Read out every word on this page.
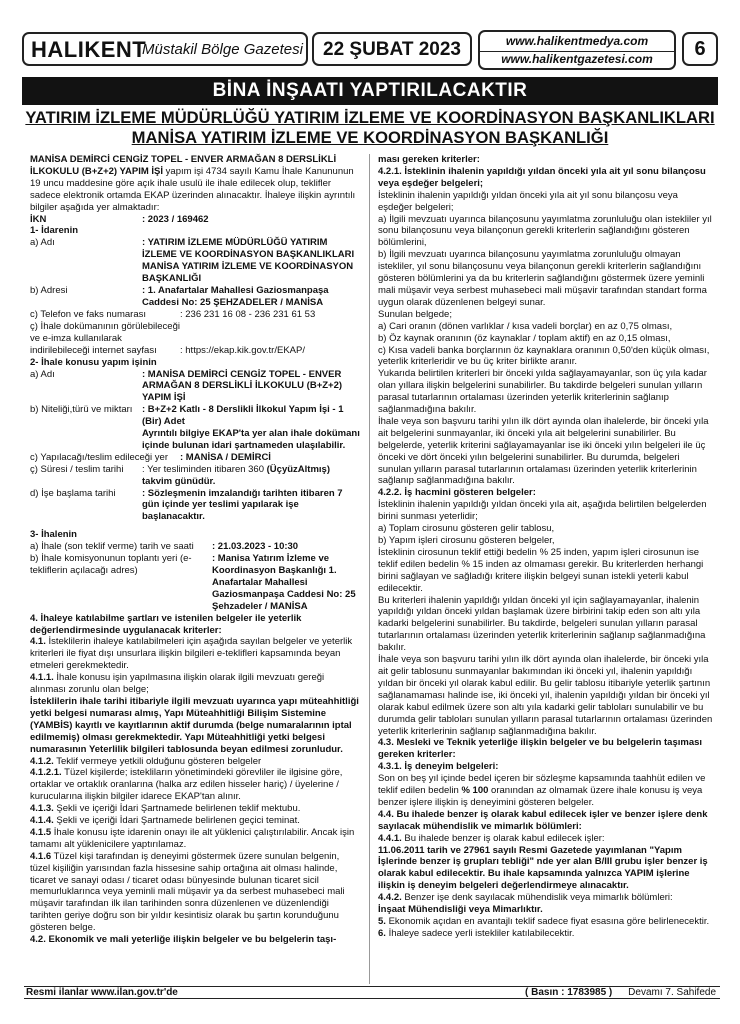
HALIKENT
Müstakil Bölge Gazetesi	22 ŞUBAT 2023	www.halikentmedya.com
www.halikentgazetesi.com	6
BİNA İNŞAATI YAPTIRILACAKTIR
YATIRIM İZLEME MÜDÜRLÜĞÜ YATIRIM İZLEME VE KOORDİNASYON BAŞKANLIKLARI
MANİSA YATIRIM İZLEME VE KOORDİNASYON BAŞKANLIĞI

MANİSA DEMİRCİ CENGİZ TOPEL - ENVER ARMAĞAN 8 DERSLİKLİ İLKOKULU (B+Z+2) YAPIM İŞİ yapım işi 4734 sayılı Kamu İhale Kanununun 19 uncu maddesine göre açık ihale usulü ile ihale edilecek olup, teklifler sadece elektronik ortamda EKAP üzerinden alınacaktır. İhaleye ilişkin ayrıntılı bilgiler aşağıda yer almaktadır:

İKN	: 2023 / 169462

1- İdarenin

a) Adı	: YATIRIM İZLEME MÜDÜRLÜĞÜ YATIRIM İZLEME VE KOORDİNASYON BAŞKANLIKLARI MANİSA YATIRIM İZLEME VE KOORDİNASYON BAŞKANLIĞI
b) Adresi	: 1. Anafartalar Mahallesi Gaziosmanpaşa Caddesi No: 25 ŞEHZADELER / MANİSA
c) Telefon ve faks numarası	: 236 231 16 08 - 236 231 61 53
ç) İhale dokümanının görülebileceği ve e-imza kullanılarak indirilebileceği internet sayfası	: https://ekap.kik.gov.tr/EKAP/

2- İhale konusu yapım işinin

a) Adı	: MANİSA DEMİRCİ CENGİZ TOPEL - ENVER ARMAĞAN 8 DERSLİKLİ İLKOKULU (B+Z+2) YAPIM İŞİ
b) Niteliği,türü ve miktarı	: B+Z+2 Katlı - 8 Derslikli İlkokul Yapım İşi - 1 (Bir) Adet
Ayrıntılı bilgiye EKAP'ta yer alan ihale dokümanı içinde bulunan idari şartnameden ulaşılabilir.
c) Yapılacağı/teslim edileceği yer	: MANİSA / DEMİRCİ
ç) Süresi / teslim tarihi	: Yer tesliminden itibaren 360 (ÜçyüzAltmış) takvim günüdür.
d) İşe başlama tarihi	: Sözleşmenin imzalandığı tarihten itibaren 7 gün içinde yer teslimi yapılarak işe başlanacaktır.

3- İhalenin

a) İhale (son teklif verme) tarih ve saati	: 21.03.2023 - 10:30
b) İhale komisyonunun toplantı yeri (e-tekliflerin açılacağı adres)
: Manisa Yatırım İzleme ve Koordinasyon Başkanlığı 1. Anafartalar Mahallesi Gaziosmanpaşa Caddesi No: 25 Şehzadeler / MANİSA

4. İhaleye katılabilme şartları ve istenilen belgeler ile yeterlik değerlendirmesinde uygulanacak kriterler:

4.1. İsteklilerin ihaleye katılabilmeleri için aşağıda sayılan belgeler ve yeterlik kriterleri ile fiyat dışı unsurlara ilişkin bilgileri e-teklifleri kapsamında beyan etmeleri gerekmektedir.

4.1.1. İhale konusu işin yapılmasına ilişkin olarak ilgili mevzuatı gereği alınması zorunlu olan belge;

İsteklilerin ihale tarihi itibariyle ilgili mevzuatı uyarınca yapı müteahhitliği yetki belgesi numarası almış, Yapı Müteahhitliği Bilişim Sistemine (YAMBİS) kayıtlı ve kayıtlarının aktif durumda (belge numaralarının iptal edilmemiş) olması gerekmektedir. Yapı Müteahhitliği yetki belgesi numarasının Yeterlilik bilgileri tablosunda beyan edilmesi zorunludur.

4.1.2. Teklif vermeye yetkili olduğunu gösteren belgeler

4.1.2.1. Tüzel kişilerde; istekliların yönetimindeki görevliler ile ilgisine göre, ortaklar ve ortaklık oranlarına (halka arz edilen hisseler hariç) / üyelerine / kurucularına ilişkin bilgiler idarece EKAP'tan alınır.

4.1.3. Şekli ve içeriği İdari Şartnamede belirlenen teklif mektubu.

4.1.4. Şekli ve içeriği İdari Şartnamede belirlenen geçici teminat.

4.1.5 İhale konusu işte idarenin onayı ile alt yüklenici çalıştırılabilir. Ancak işin tamamı alt yüklenicilere yaptırılamaz.

4.1.6 Tüzel kişi tarafından iş deneyimi göstermek üzere sunulan belgenin, tüzel kişiliğin yarısından fazla hissesine sahip ortağına ait olması halinde, ticaret ve sanayi odası / ticaret odası bünyesinde bulunan ticaret sicil memurluklarınca veya yeminli mali müşavir ya da serbest muhasebeci mali müşavir tarafından ilk ilan tarihinden sonra düzenlenen ve düzenlendiği tarihten geriye doğru son bir yıldır kesintisiz olarak bu şartın korunduğunu gösteren belge.

4.2. Ekonomik ve mali yeterliğe ilişkin belgeler ve bu belgelerin taşı-

ması gereken kriterler:

4.2.1. İsteklinin ihalenin yapıldığı yıldan önceki yıla ait yıl sonu bilançosu veya eşdeğer belgeleri;

İsteklinin ihalenin yapıldığı yıldan önceki yıla ait yıl sonu bilançosu veya eşdeğer belgeleri;

a) İlgili mevzuatı uyarınca bilançosunu yayımlatma zorunluluğu olan istekliler yıl sonu bilançosunu veya bilançonun gerekli kriterlerin sağlandığını gösteren bölümlerini,

b) İlgili mevzuatı uyarınca bilançosunu yayımlatma zorunluluğu olmayan istekliler, yıl sonu bilançosunu veya bilançonun gerekli kriterlerin sağlandığını gösteren bölümlerini ya da bu kriterlerin sağlandığını göstermek üzere yeminli mali müşavir veya serbest muhasebeci mali müşavir tarafından standart forma uygun olarak düzenlenen belgeyi sunar.

Sunulan belgede;

a) Cari oranın (dönen varlıklar / kısa vadeli borçlar) en az 0,75 olması,

b) Öz kaynak oranının (öz kaynaklar / toplam aktif) en az 0,15 olması,

c) Kısa vadeli banka borçlarının öz kaynaklara oranının 0,50'den küçük olması, yeterlik kriterleridir ve bu üç kriter birlikte aranır.

Yukarıda belirtilen kriterleri bir önceki yılda sağlayamayanlar, son üç yıla kadar olan yıllara ilişkin belgelerini sunabilirler. Bu takdirde belgeleri sunulan yılların parasal tutarlarının ortalaması üzerinden yeterlik kriterlerinin sağlanıp sağlanmadığına bakılır.

İhale veya son başvuru tarihi yılın ilk dört ayında olan ihalelerde, bir önceki yıla ait belgelerini sunmayanlar, iki önceki yıla ait belgelerini sunabilirler. Bu belgelerde, yeterlik kriterini sağlayamayanlar ise iki önceki yılın belgeleri ile üç önceki ve dört önceki yılın belgelerini sunabilirler. Bu durumda, belgeleri sunulan yılların parasal tutarlarının ortalaması üzerinden yeterlik kriterlerinin sağlanıp sağlanmadığına bakılır.

4.2.2. İş hacmini gösteren belgeler:

İsteklinin ihalenin yapıldığı yıldan önceki yıla ait, aşağıda belirtilen belgelerden birini sunması yeterlidir;

a) Toplam cirosunu gösteren gelir tablosu,

b) Yapım işleri cirosunu gösteren belgeler,

İsteklinin cirosunun teklif ettiği bedelin % 25 inden, yapım işleri cirosunun ise teklif edilen bedelin % 15 inden az olmaması gerekir. Bu kriterlerden herhangi birini sağlayan ve sağladığı kritere ilişkin belgeyi sunan istekli yeterli kabul edilecektir.

Bu kriterleri ihalenin yapıldığı yıldan önceki yıl için sağlayamayanlar, ihalenin yapıldığı yıldan önceki yıldan başlamak üzere birbirini takip eden son altı yıla kadarki belgelerini sunabilirler. Bu takdirde, belgeleri sunulan yılların parasal tutarlarının ortalaması üzerinden yeterlik kriterlerinin sağlanıp sağlanmadığına bakılır.

İhale veya son başvuru tarihi yılın ilk dört ayında olan ihalelerde, bir önceki yıla ait gelir tablosunu sunmayanlar bakımından iki önceki yıl, ihalenin yapıldığı yıldan bir önceki yıl olarak kabul edilir. Bu gelir tablosu itibariyle yeterlik şartının sağlanamaması halinde ise, iki önceki yıl, ihalenin yapıldığı yıldan bir önceki yıl olarak kabul edilmek üzere son altı yıla kadarki gelir tabloları sunulabilir ve bu durumda gelir tabloları sunulan yılların parasal tutarlarının ortalaması üzerinden yeterlik kriterlerinin sağlanıp sağlanmadığına bakılır.

4.3. Mesleki ve Teknik yeterliğe ilişkin belgeler ve bu belgelerin taşıması gereken kriterler:

4.3.1. İş deneyim belgeleri:

Son on beş yıl içinde bedel içeren bir sözleşme kapsamında taahhüt edilen ve teklif edilen bedelin % 100 oranından az olmamak üzere ihale konusu iş veya benzer işlere ilişkin iş deneyimini gösteren belgeler.

4.4. Bu ihalede benzer iş olarak kabul edilecek işler ve benzer işlere denk sayılacak mühendislik ve mimarlık bölümleri:

4.4.1. Bu ihalede benzer iş olarak kabul edilecek işler:

11.06.2011 tarih ve 27961 sayılı Resmi Gazetede yayımlanan "Yapım İşlerinde benzer iş grupları tebliği" nde yer alan B/III grubu işler benzer iş olarak kabul edilecektir. Bu ihale kapsamında yalnızca YAPIM işlerine ilişkin iş deneyim belgeleri değerlendirmeye alınacaktır.

4.4.2. Benzer işe denk sayılacak mühendislik veya mimarlık bölümleri:

İnşaat Mühendisliği veya Mimarlıktır.

5. Ekonomik açıdan en avantajlı teklif sadece fiyat esasına göre belirlenecektir.

6. İhaleye sadece yerli istekliler katılabilecektir.

Resmi ilanlar www.ilan.gov.tr'de	( Basın : 1783985 ) Devamı 7. Sahifede
